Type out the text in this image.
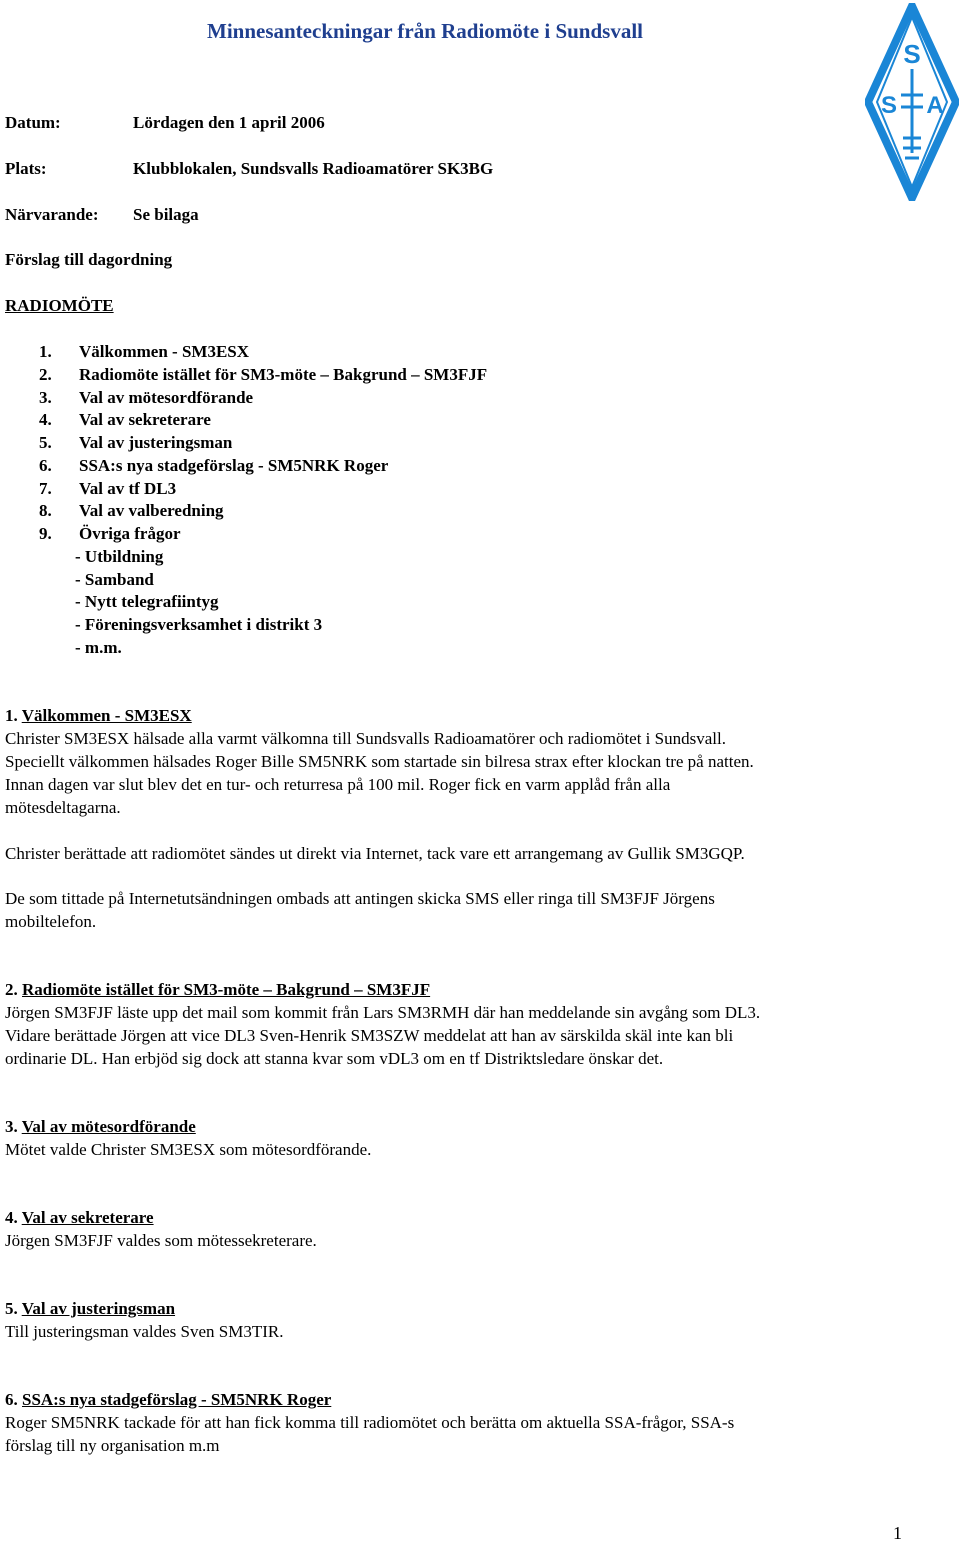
Minnesanteckningar från Radiomöte i Sundsvall
S
S A
Datum:	Lördagen den 1 april 2006
Plats:	Klubblokalen, Sundsvalls Radioamatörer SK3BG
Närvarande: Se bilaga
Förslag till dagordning
RADIOMÖTE
1. Välkommen - SM3ESX
2. Radiomöte istället för SM3-möte – Bakgrund – SM3FJF
3. Val av mötesordförande
4. Val av sekreterare
5. Val av justeringsman
6. SSA:s nya stadgeförslag - SM5NRK Roger
7. Val av tf DL3
8. Val av valberedning
9. Övriga frågor
- Utbildning
- Samband
- Nytt telegrafiintyg
- Föreningsverksamhet i distrikt 3
- m.m.
1. Välkommen - SM3ESX
Christer SM3ESX hälsade alla varmt välkomna till Sundsvalls Radioamatörer och radiomötet i Sundsvall.
Speciellt välkommen hälsades Roger Bille SM5NRK som startade sin bilresa strax efter klockan tre på natten.
Innan dagen var slut blev det en tur- och returresa på 100 mil. Roger fick en varm applåd från alla
mötesdeltagarna.
Christer berättade att radiomötet sändes ut direkt via Internet, tack vare ett arrangemang av Gullik SM3GQP.
De som tittade på Internetutsändningen ombads att antingen skicka SMS eller ringa till SM3FJF Jörgens
mobiltelefon.
2. Radiomöte istället för SM3-möte – Bakgrund – SM3FJF
Jörgen SM3FJF läste upp det mail som kommit från Lars SM3RMH där han meddelande sin avgång som DL3.
Vidare berättade Jörgen att vice DL3 Sven-Henrik SM3SZW meddelat att han av särskilda skäl inte kan bli
ordinarie DL. Han erbjöd sig dock att stanna kvar som vDL3 om en tf Distriktsledare önskar det.
3. Val av mötesordförande
Mötet valde Christer SM3ESX som mötesordförande.
4. Val av sekreterare
Jörgen SM3FJF valdes som mötessekreterare.
5. Val av justeringsman
Till justeringsman valdes Sven SM3TIR.
6. SSA:s nya stadgeförslag - SM5NRK Roger
Roger SM5NRK tackade för att han fick komma till radiomötet och berätta om aktuella SSA-frågor, SSA-s
förslag till ny organisation m.m
1
